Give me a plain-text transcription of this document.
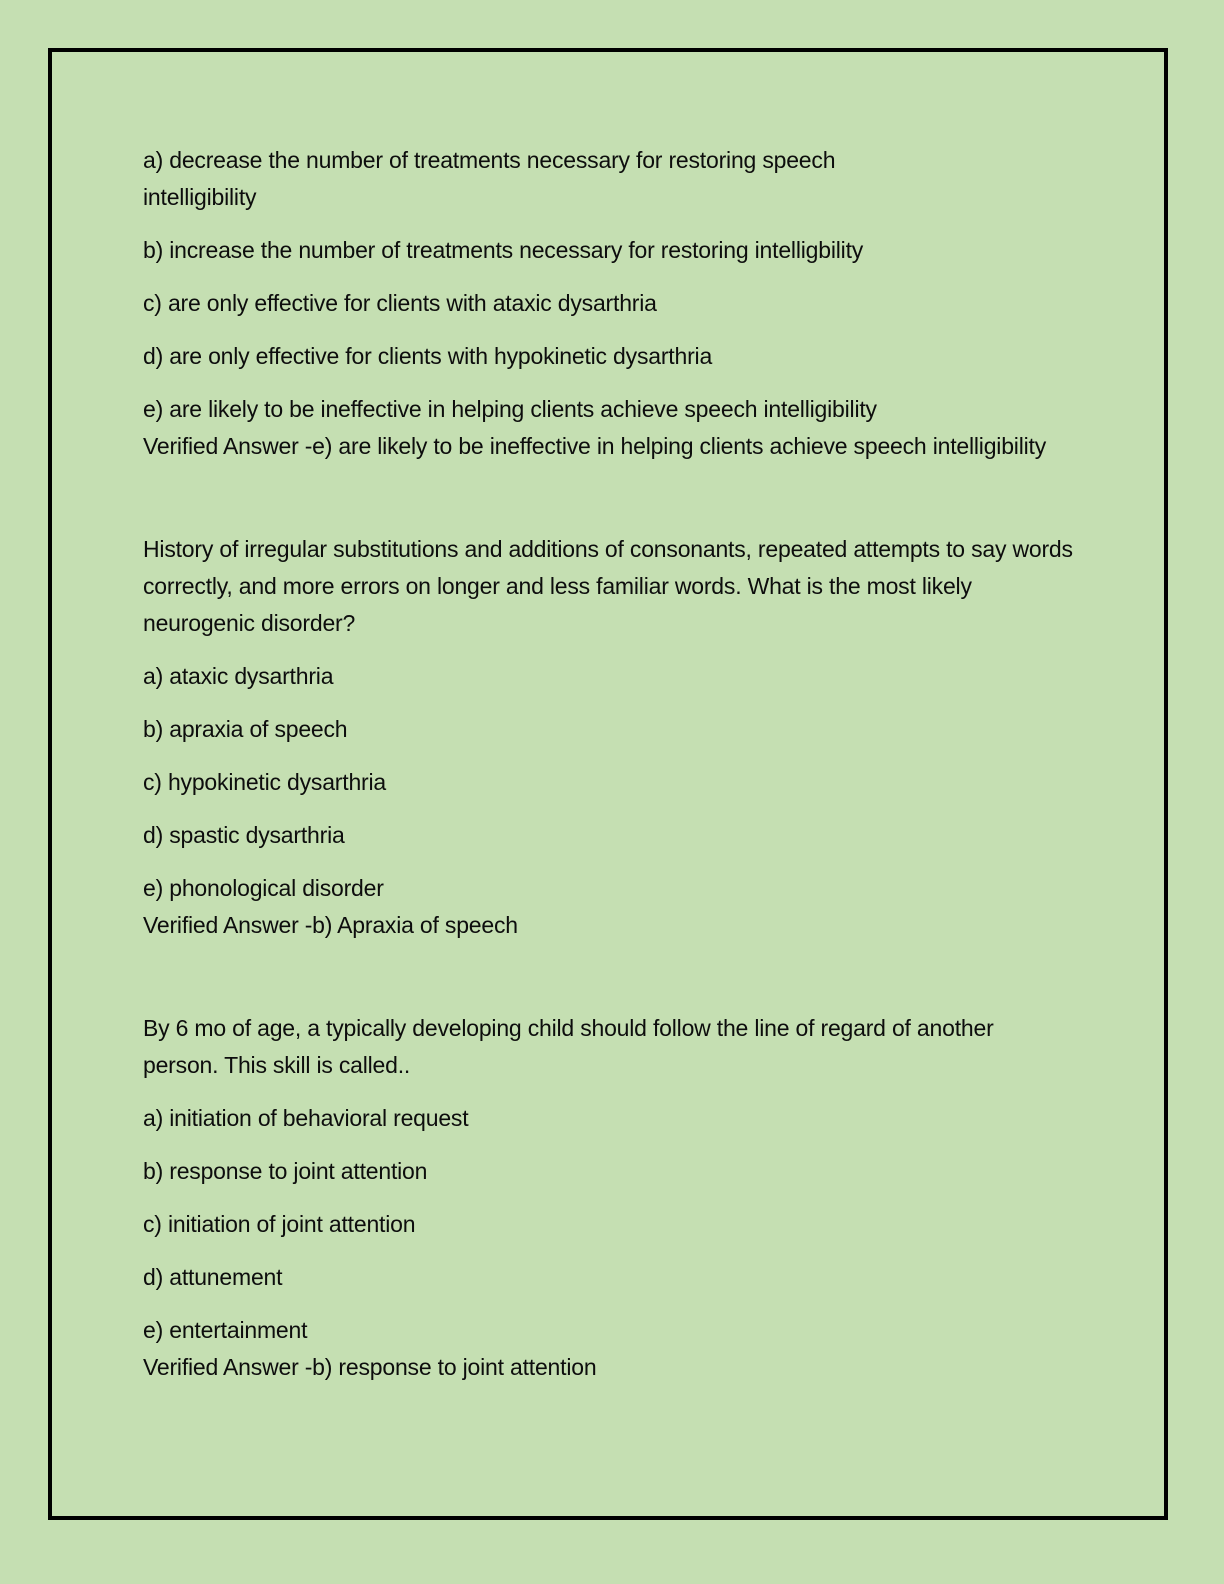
a) decrease the number of treatments necessary for restoring speech intelligibility

b) increase the number of treatments necessary for restoring intelligbility

c) are only effective for clients with ataxic dysarthria

d) are only effective for clients with hypokinetic dysarthria

e) are likely to be ineffective in helping clients achieve speech intelligibility
Verified Answer -e) are likely to be ineffective in helping clients achieve speech intelligibility

History of irregular substitutions and additions of consonants, repeated attempts to say words correctly, and more errors on longer and less familiar words. What is the most likely neurogenic disorder?

a) ataxic dysarthria

b) apraxia of speech

c) hypokinetic dysarthria

d) spastic dysarthria

e) phonological disorder
Verified Answer -b) Apraxia of speech

By 6 mo of age, a typically developing child should follow the line of regard of another person. This skill is called..

a) initiation of behavioral request

b) response to joint attention

c) initiation of joint attention

d) attunement

e) entertainment
Verified Answer -b) response to joint attention
